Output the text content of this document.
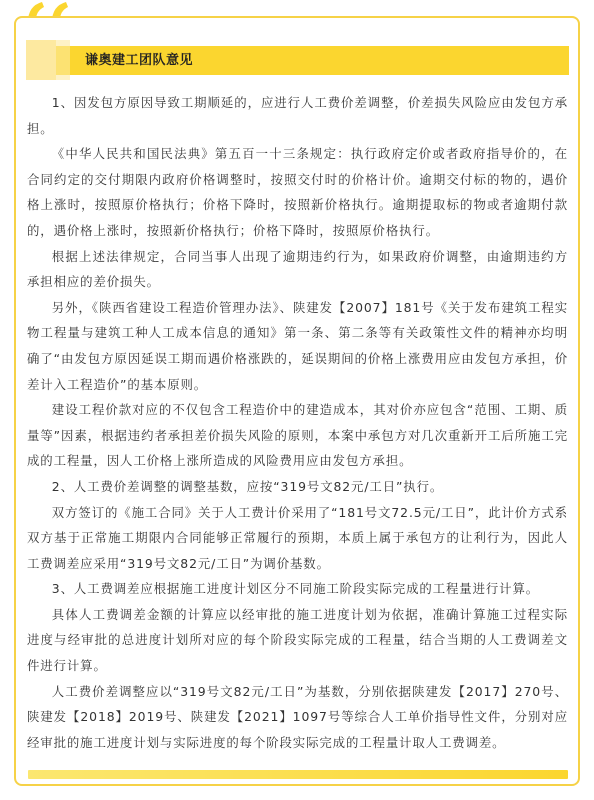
谦奥建工团队意见

1、因发包方原因导致工期顺延的，应进行人工费价差调整，价差损失风险应由发包方承担。

《中华人民共和国民法典》第五百一十三条规定：执行政府定价或者政府指导价的，在合同约定的交付期限内政府价格调整时，按照交付时的价格计价。逾期交付标的物的，遇价格上涨时，按照原价格执行；价格下降时，按照新价格执行。逾期提取标的物或者逾期付款的，遇价格上涨时，按照新价格执行；价格下降时，按照原价格执行。

根据上述法律规定，合同当事人出现了逾期违约行为，如果政府价调整，由逾期违约方承担相应的差价损失。

另外，《陕西省建设工程造价管理办法》、陕建发【2007】181号《关于发布建筑工程实物工程量与建筑工种人工成本信息的通知》第一条、第二条等有关政策性文件的精神亦均明确了“由发包方原因延误工期而遇价格涨跌的，延误期间的价格上涨费用应由发包方承担，价差计入工程造价”的基本原则。

建设工程价款对应的不仅包含工程造价中的建造成本，其对价亦应包含“范围、工期、质量等”因素，根据违约者承担差价损失风险的原则，本案中承包方对几次重新开工后所施工完成的工程量，因人工价格上涨所造成的风险费用应由发包方承担。

2、人工费价差调整的调整基数，应按“319号文82元/工日”执行。

双方签订的《施工合同》关于人工费计价采用了“181号文72.5元/工日”，此计价方式系双方基于正常施工期限内合同能够正常履行的预期，本质上属于承包方的让利行为，因此人工费调差应采用“319号文82元/工日”为调价基数。

3、人工费调差应根据施工进度计划区分不同施工阶段实际完成的工程量进行计算。

具体人工费调差金额的计算应以经审批的施工进度计划为依据，准确计算施工过程实际进度与经审批的总进度计划所对应的每个阶段实际完成的工程量，结合当期的人工费调差文件进行计算。

人工费价差调整应以“319号文82元/工日”为基数，分别依据陕建发【2017】270号、陕建发【2018】2019号、陕建发【2021】1097号等综合人工单价指导性文件，分别对应经审批的施工进度计划与实际进度的每个阶段实际完成的工程量计取人工费调差。
